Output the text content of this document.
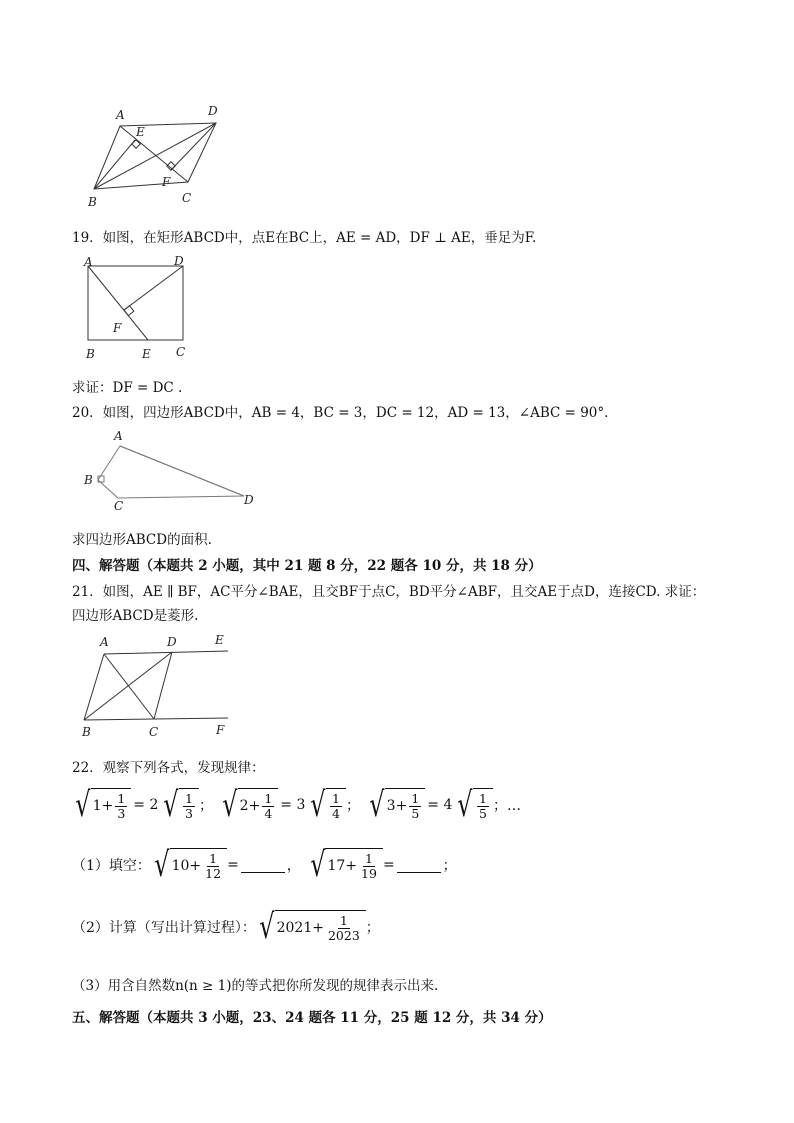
A	D
E
F
B	C
19．如图，在矩形ABCD中，点E在BC上，AE = AD，DF ⊥ AE，垂足为F.
A	D
F
B	E C
求证：DF = DC .
20．如图，四边形ABCD中，AB = 4，BC = 3，DC = 12，AD = 13，∠ABC = 90°.
A
B
C	D
求四边形ABCD的面积.
四、解答题（本题共 2 小题，其中 21 题 8 分，22 题各 10 分，共 18 分）
21．如图，AE ∥ BF，AC平分∠BAE，且交BF于点C，BD平分∠ABF，且交AE于点D，连接CD. 求证：
四边形ABCD是菱形.
A	D	E
B	C	F
22．观察下列各式，发现规律：
√ $1 + \frac{1}{3} = 2$ √ $\frac{1}{3}$ ； √ $2 + \frac{1}{4} = 3$ √ $\frac{1}{4}$ ； √ $3 + \frac{1}{5} = 4$ √ $\frac{1}{5}$ ；…
（1）填空： √ $10 + \frac{1}{12}$ =	， √ $17 + \frac{1}{19}$ =	；
（2）计算（写出计算过程）： √ $2021 + \frac{1}{2023}$ ；
（3）用含自然数n(n ≥ 1)的等式把你所发现的规律表示出来.
五、解答题（本题共 3 小题，23、24 题各 11 分，25 题 12 分，共 34 分）
